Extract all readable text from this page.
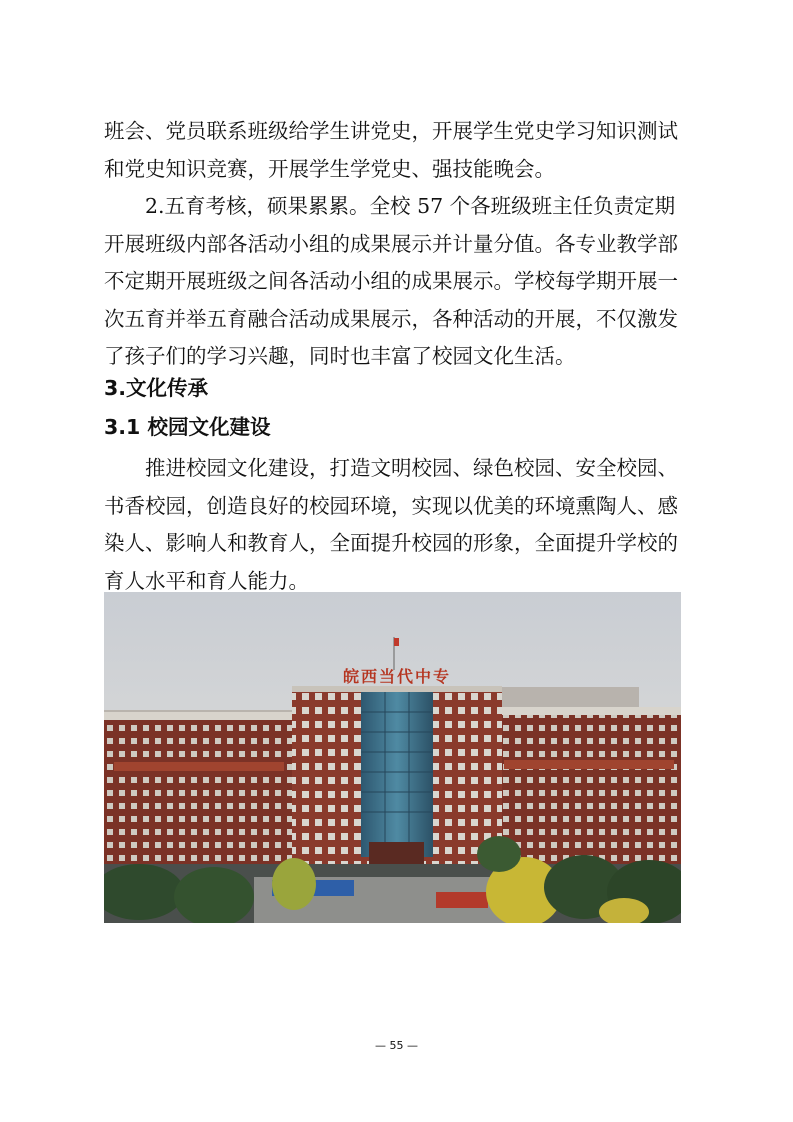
班会、党员联系班级给学生讲党史，开展学生党史学习知识测试
和党史知识竞赛，开展学生学党史、强技能晚会。

2.五育考核，硕果累累。全校 57 个各班级班主任负责定期

开展班级内部各活动小组的成果展示并计量分值。各专业教学部
不定期开展班级之间各活动小组的成果展示。学校每学期开展一
次五育并举五育融合活动成果展示，各种活动的开展，不仅激发
了孩子们的学习兴趣，同时也丰富了校园文化生活。

3.文化传承
3.1 校园文化建设

推进校园文化建设，打造文明校园、绿色校园、安全校园、

书香校园，创造良好的校园环境，实现以优美的环境熏陶人、感
染人、影响人和教育人，全面提升校园的形象，全面提升学校的
育人水平和育人能力。

皖西当代中专
— 55 —
